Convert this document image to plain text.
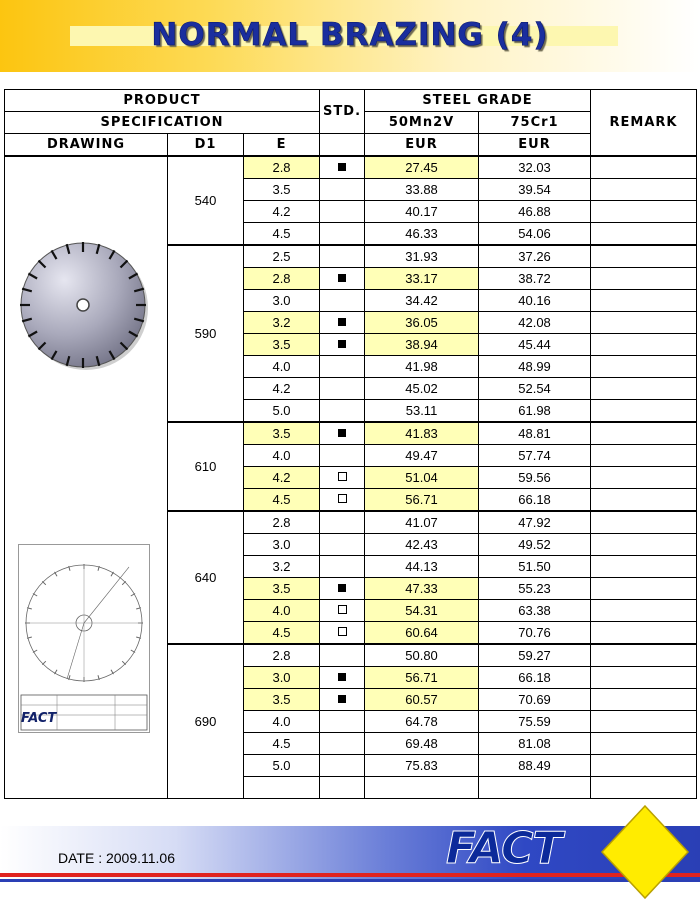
NORMAL BRAZING (4)
PRODUCT			STD.	STEEL GRADE		REMARK
SPECIFICATION				50Mn2V	75Cr1	
DRAWING	D1	E		EUR	EUR	

FACT	540	2.8		27.45	32.03	
		3.5		33.88	39.54	
		4.2		40.17	46.88	
		4.5		46.33	54.06	
	590	2.5		31.93	37.26	
		2.8		33.17	38.72	
		3.0		34.42	40.16	
		3.2		36.05	42.08	
		3.5		38.94	45.44	
		4.0		41.98	48.99	
		4.2		45.02	52.54	
		5.0		53.11	61.98	
	610	3.5		41.83	48.81	
		4.0		49.47	57.74	
		4.2		51.04	59.56	
		4.5		56.71	66.18	
	640	2.8		41.07	47.92	
		3.0		42.43	49.52	
		3.2		44.13	51.50	
		3.5		47.33	55.23	
		4.0		54.31	63.38	
		4.5		60.64	70.76	
	690	2.8		50.80	59.27	
		3.0		56.71	66.18	
		3.5		60.57	70.69	
		4.0		64.78	75.59	
		4.5		69.48	81.08	
		5.0		75.83	88.49	

DATE : 2009.11.06	FACT
